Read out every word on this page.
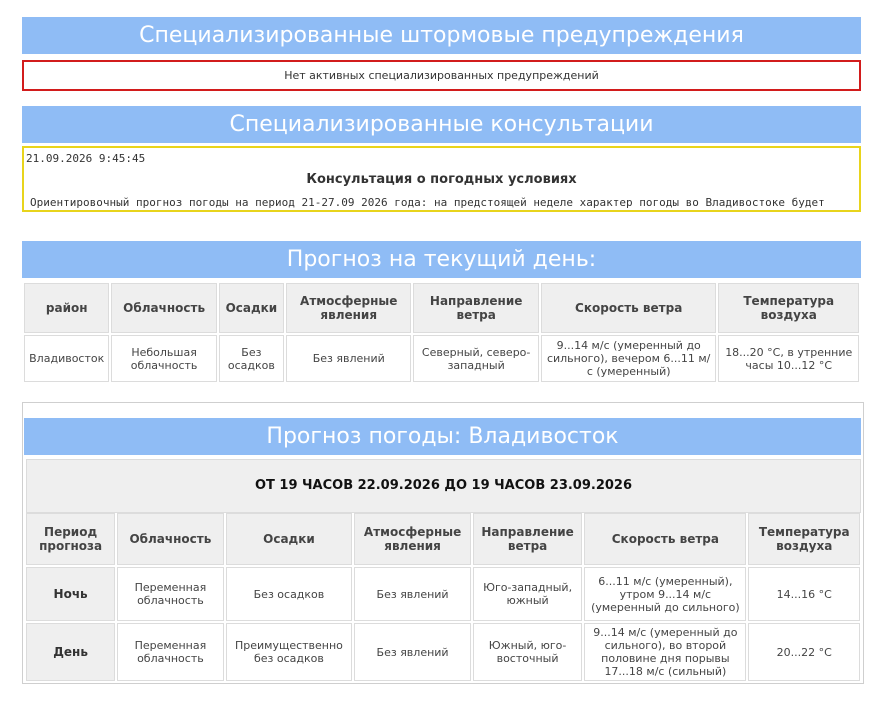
Специализированные штормовые предупреждения
Нет активных специализированных предупреждений
Специализированные консультации
21.09.2026 9:45:45
Консультация о погодных условиях
Ориентировочный прогноз погоды на период 21-27.09 2026 года: на предстоящей неделе характер погоды во Владивостоке будет
Прогноз на текущий день:
район	Облачность	Осадки	Атмосферные явления	Направление ветра	Скорость ветра	Температура воздуха
Владивосток	Небольшая облачность	Без осадков	Без явлений	Северный, северо-западный	9...14 м/с (умеренный до сильного), вечером 6...11 м/с (умеренный)	18...20 °С, в утренние часы 10...12 °С
Прогноз погоды: Владивосток
ОТ 19 ЧАСОВ 22.09.2026 ДО 19 ЧАСОВ 23.09.2026
Период прогноза	Облачность	Осадки	Атмосферные явления	Направление ветра	Скорость ветра	Температура воздуха
Ночь	Переменная облачность	Без осадков	Без явлений	Юго-западный, южный	6...11 м/с (умеренный), утром 9...14 м/с (умеренный до сильного)	14...16 °С
День	Переменная облачность	Преимущественно без осадков	Без явлений	Южный, юго-восточный	9...14 м/с (умеренный до сильного), во второй половине дня порывы 17...18 м/с (сильный)	20...22 °С
